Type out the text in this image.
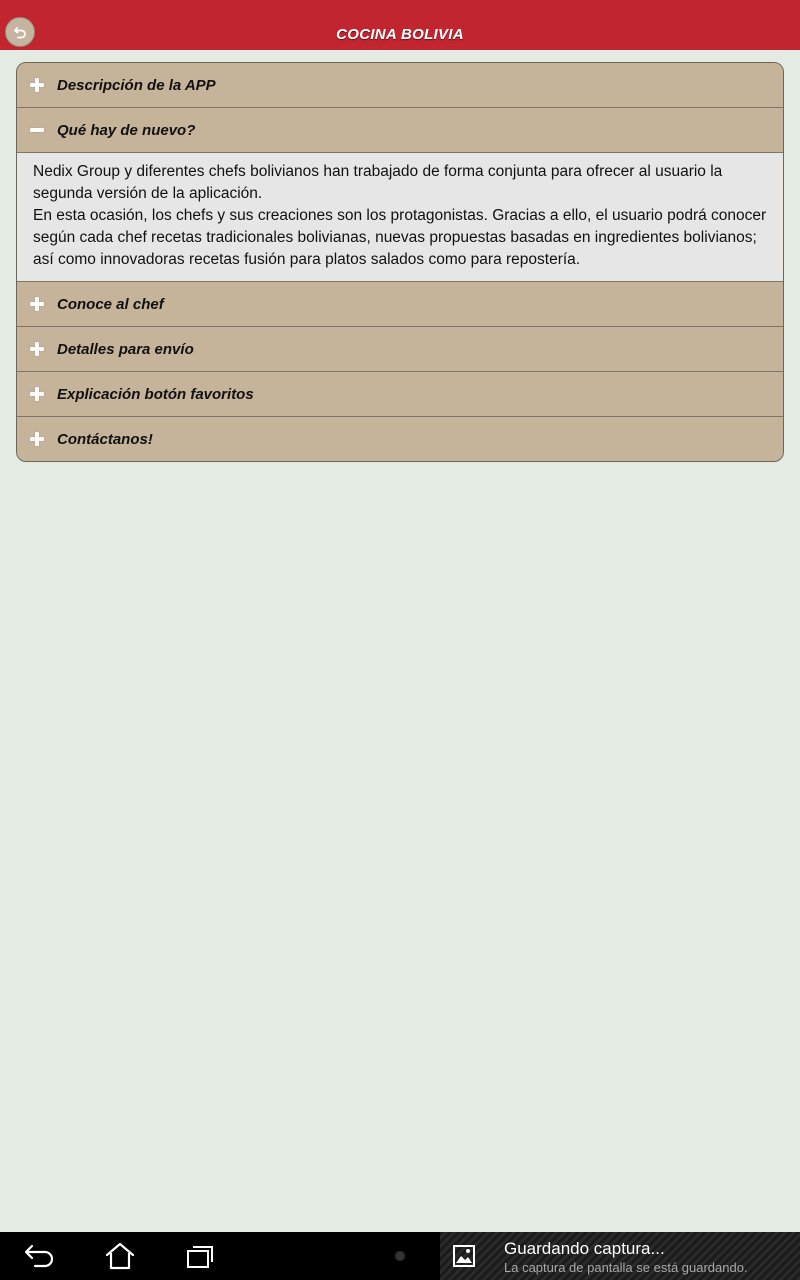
COCINA BOLIVIA
Descripción de la APP
Qué hay de nuevo?

Nedix Group y diferentes chefs bolivianos han trabajado de forma conjunta para ofrecer al usuario la segunda versión de la aplicación.

En esta ocasión, los chefs y sus creaciones son los protagonistas. Gracias a ello, el usuario podrá conocer según cada chef recetas tradicionales bolivianas, nuevas propuestas basadas en ingredientes bolivianos; así como innovadoras recetas fusión para platos salados como para repostería.

Conoce al chef
Detalles para envío
Explicación botón favoritos
Contáctanos!
Guardando captura...
La captura de pantalla se está guardando.
